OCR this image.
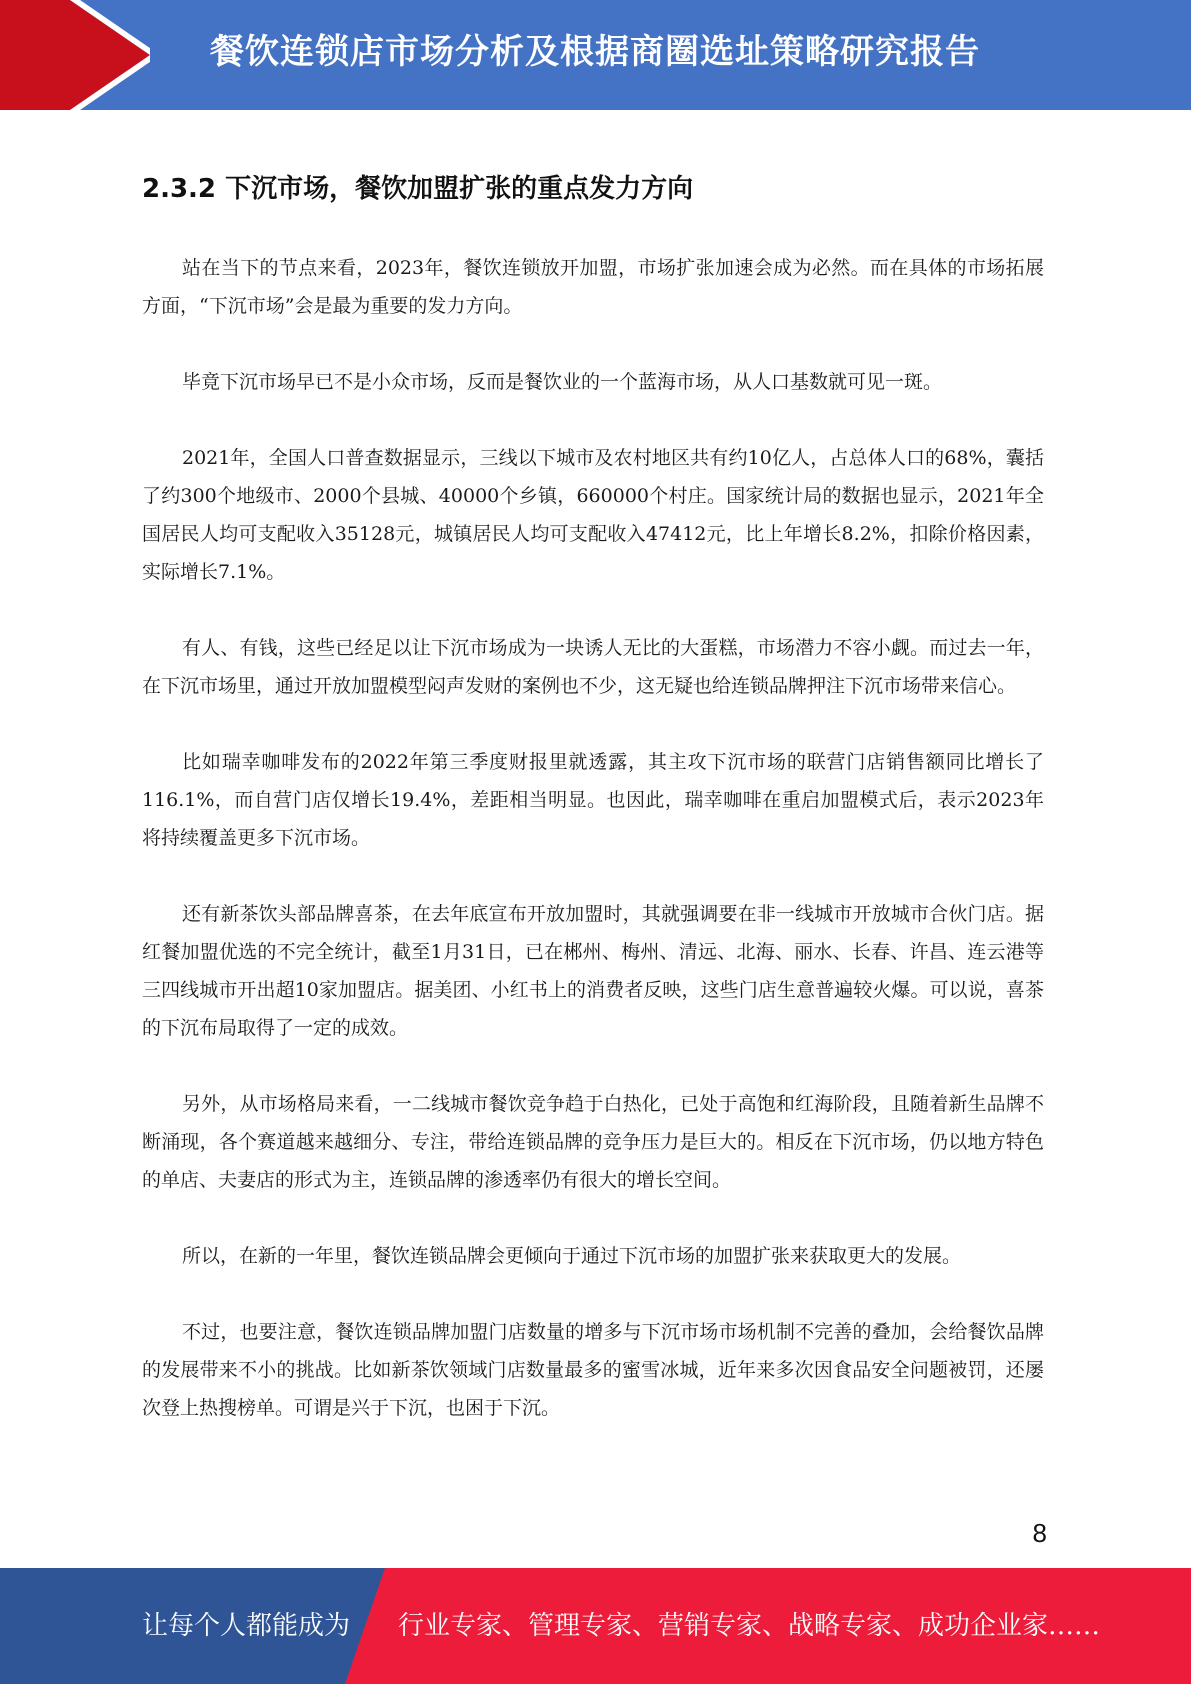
餐饮连锁店市场分析及根据商圈选址策略研究报告
2.3.2 下沉市场，餐饮加盟扩张的重点发力方向

站在当下的节点来看，2023年，餐饮连锁放开加盟，市场扩张加速会成为必然。而在具体的市场拓展方面，“下沉市场”会是最为重要的发力方向。

毕竟下沉市场早已不是小众市场，反而是餐饮业的一个蓝海市场，从人口基数就可见一斑。

2021年，全国人口普查数据显示，三线以下城市及农村地区共有约10亿人，占总体人口的68%，囊括了约300个地级市、2000个县城、40000个乡镇，660000个村庄。国家统计局的数据也显示，2021年全国居民人均可支配收入35128元，城镇居民人均可支配收入47412元，比上年增长8.2%，扣除价格因素，实际增长7.1%。

有人、有钱，这些已经足以让下沉市场成为一块诱人无比的大蛋糕，市场潜力不容小觑。而过去一年，在下沉市场里，通过开放加盟模型闷声发财的案例也不少，这无疑也给连锁品牌押注下沉市场带来信心。

比如瑞幸咖啡发布的2022年第三季度财报里就透露，其主攻下沉市场的联营门店销售额同比增长了116.1%，而自营门店仅增长19.4%，差距相当明显。也因此，瑞幸咖啡在重启加盟模式后，表示2023年将持续覆盖更多下沉市场。

还有新茶饮头部品牌喜茶，在去年底宣布开放加盟时，其就强调要在非一线城市开放城市合伙门店。据红餐加盟优选的不完全统计，截至1月31日，已在郴州、梅州、清远、北海、丽水、长春、许昌、连云港等三四线城市开出超10家加盟店。据美团、小红书上的消费者反映，这些门店生意普遍较火爆。可以说，喜茶的下沉布局取得了一定的成效。

另外，从市场格局来看，一二线城市餐饮竞争趋于白热化，已处于高饱和红海阶段，且随着新生品牌不断涌现，各个赛道越来越细分、专注，带给连锁品牌的竞争压力是巨大的。相反在下沉市场，仍以地方特色的单店、夫妻店的形式为主，连锁品牌的渗透率仍有很大的增长空间。

所以，在新的一年里，餐饮连锁品牌会更倾向于通过下沉市场的加盟扩张来获取更大的发展。

不过，也要注意，餐饮连锁品牌加盟门店数量的增多与下沉市场市场机制不完善的叠加，会给餐饮品牌的发展带来不小的挑战。比如新茶饮领域门店数量最多的蜜雪冰城，近年来多次因食品安全问题被罚，还屡次登上热搜榜单。可谓是兴于下沉，也困于下沉。

8
让每个人都能成为 行业专家、管理专家、营销专家、战略专家、成功企业家……
